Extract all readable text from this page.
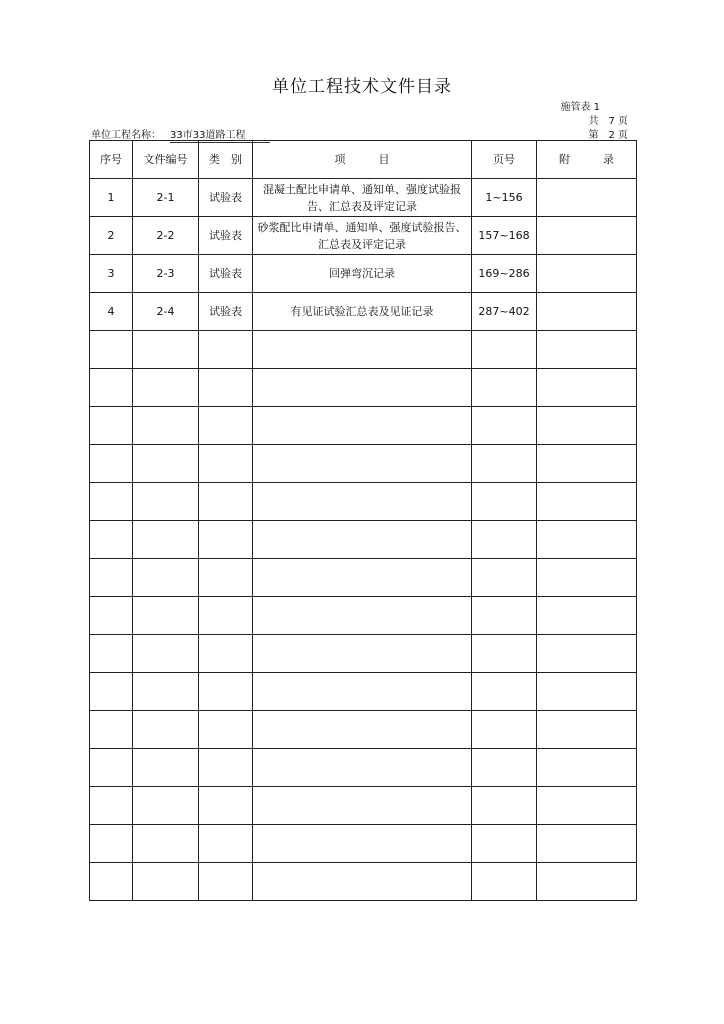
单位工程技术文件目录
施管表 1
共　7 页
第　2 页
单位工程名称： 33市33道路工程
序号	文件编号	类　别	项　　　目	页号	附　　　录
1	2-1	试验表	混凝土配比申请单、通知单、强度试验报告、汇总表及评定记录	1~156	
2	2-2	试验表	砂浆配比申请单、通知单、强度试验报告、汇总表及评定记录	157~168	
3	2-3	试验表	回弹弯沉记录	169~286	
4	2-4	试验表	有见证试验汇总表及见证记录	287~402	
